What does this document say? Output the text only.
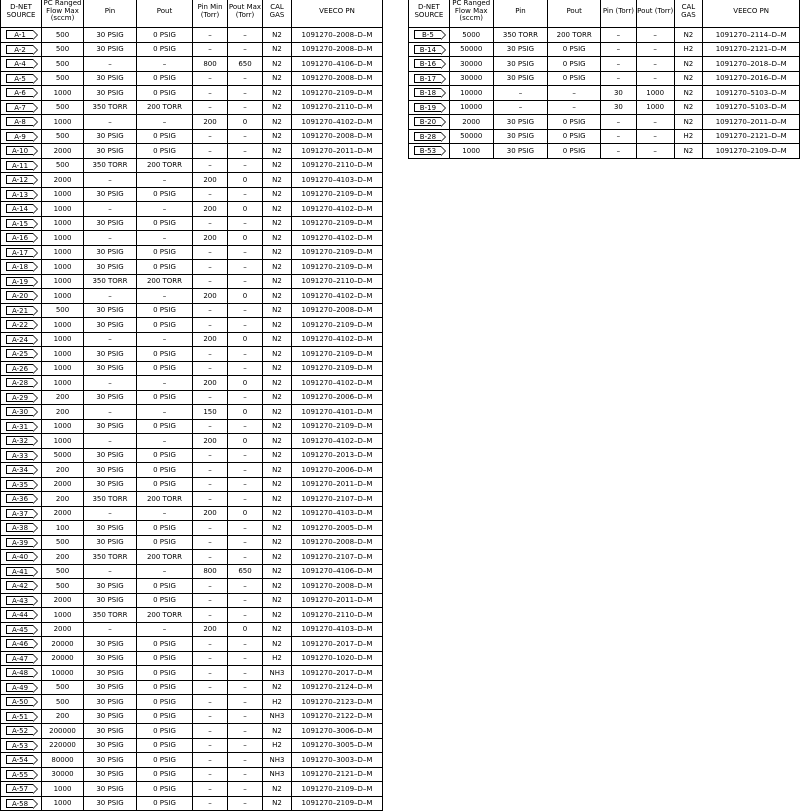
D-NET SOURCE	PC Ranged Flow Max (sccm)	Pin	Pout	Pin Min (Torr)	Pout Max (Torr)	CAL GAS	VEECO PN
A-1	500	30 PSIG	0 PSIG	–	–	N2	1091270–2008–D–M
A-2	500	30 PSIG	0 PSIG	–	–	N2	1091270–2008–D–M
A-4	500	–	–	800	650	N2	1091270–4106–D–M
A-5	500	30 PSIG	0 PSIG	–	–	N2	1091270–2008–D–M
A-6	1000	30 PSIG	0 PSIG	–	–	N2	1091270–2109–D–M
A-7	500	350 TORR	200 TORR	–	–	N2	1091270–2110–D–M
A-8	1000	–	–	200	0	N2	1091270–4102–D–M
A-9	500	30 PSIG	0 PSIG	–	–	N2	1091270–2008–D–M
A-10	2000	30 PSIG	0 PSIG	–	–	N2	1091270–2011–D–M
A-11	500	350 TORR	200 TORR	–	–	N2	1091270–2110–D–M
A-12	2000	–	–	200	0	N2	1091270–4103–D–M
A-13	1000	30 PSIG	0 PSIG	–	–	N2	1091270–2109–D–M
A-14	1000	–	–	200	0	N2	1091270–4102–D–M
A-15	1000	30 PSIG	0 PSIG	–	–	N2	1091270–2109–D–M
A-16	1000	–	–	200	0	N2	1091270–4102–D–M
A-17	1000	30 PSIG	0 PSIG	–	–	N2	1091270–2109–D–M
A-18	1000	30 PSIG	0 PSIG	–	–	N2	1091270–2109–D–M
A-19	1000	350 TORR	200 TORR	–	–	N2	1091270–2110–D–M
A-20	1000	–	–	200	0	N2	1091270–4102–D–M
A-21	500	30 PSIG	0 PSIG	–	–	N2	1091270–2008–D–M
A-22	1000	30 PSIG	0 PSIG	–	–	N2	1091270–2109–D–M
A-24	1000	–	–	200	0	N2	1091270–4102–D–M
A-25	1000	30 PSIG	0 PSIG	–	–	N2	1091270–2109–D–M
A-26	1000	30 PSIG	0 PSIG	–	–	N2	1091270–2109–D–M
A-28	1000	–	–	200	0	N2	1091270–4102–D–M
A-29	200	30 PSIG	0 PSIG	–	–	N2	1091270–2006–D–M
A-30	200	–	–	150	0	N2	1091270–4101–D–M
A-31	1000	30 PSIG	0 PSIG	–	–	N2	1091270–2109–D–M
A-32	1000	–	–	200	0	N2	1091270–4102–D–M
A-33	5000	30 PSIG	0 PSIG	–	–	N2	1091270–2013–D–M
A-34	200	30 PSIG	0 PSIG	–	–	N2	1091270–2006–D–M
A-35	2000	30 PSIG	0 PSIG	–	–	N2	1091270–2011–D–M
A-36	200	350 TORR	200 TORR	–	–	N2	1091270–2107–D–M
A-37	2000	–	–	200	0	N2	1091270–4103–D–M
A-38	100	30 PSIG	0 PSIG	–	–	N2	1091270–2005–D–M
A-39	500	30 PSIG	0 PSIG	–	–	N2	1091270–2008–D–M
A-40	200	350 TORR	200 TORR	–	–	N2	1091270–2107–D–M
A-41	500	–	–	800	650	N2	1091270–4106–D–M
A-42	500	30 PSIG	0 PSIG	–	–	N2	1091270–2008–D–M
A-43	2000	30 PSIG	0 PSIG	–	–	N2	1091270–2011–D–M
A-44	1000	350 TORR	200 TORR	–	–	N2	1091270–2110–D–M
A-45	2000	–	–	200	0	N2	1091270–4103–D–M
A-46	20000	30 PSIG	0 PSIG	–	–	N2	1091270–2017–D–M
A-47	20000	30 PSIG	0 PSIG	–	–	H2	1091270–1020–D–M
A-48	10000	30 PSIG	0 PSIG	–	–	NH3	1091270–2017–D–M
A-49	500	30 PSIG	0 PSIG	–	–	N2	1091270–2124–D–M
A-50	500	30 PSIG	0 PSIG	–	–	H2	1091270–2123–D–M
A-51	200	30 PSIG	0 PSIG	–	–	NH3	1091270–2122–D–M
A-52	200000	30 PSIG	0 PSIG	–	–	N2	1091270–3006–D–M
A-53	220000	30 PSIG	0 PSIG	–	–	H2	1091270–3005–D–M
A-54	80000	30 PSIG	0 PSIG	–	–	NH3	1091270–3003–D–M
A-55	30000	30 PSIG	0 PSIG	–	–	NH3	1091270–2121–D–M
A-57	1000	30 PSIG	0 PSIG	–	–	N2	1091270–2109–D–M
A-58	1000	30 PSIG	0 PSIG	–	–	N2	1091270–2109–D–M
D-NET SOURCE	PC Ranged Flow Max (sccm)	Pin	Pout	Pin (Torr)	Pout (Torr)	CAL GAS	VEECO PN
B-5	5000	350 TORR	200 TORR	–	–	N2	1091270–2114–D–M
B-14	50000	30 PSIG	0 PSIG	–	–	H2	1091270–2121–D–M
B-16	30000	30 PSIG	0 PSIG	–	–	N2	1091270–2018–D–M
B-17	30000	30 PSIG	0 PSIG	–	–	N2	1091270–2016–D–M
B-18	10000	–	–	30	1000	N2	1091270–5103–D–M
B-19	10000	–	–	30	1000	N2	1091270–5103–D–M
B-20	2000	30 PSIG	0 PSIG	–	–	N2	1091270–2011–D–M
B-28	50000	30 PSIG	0 PSIG	–	–	H2	1091270–2121–D–M
B-53	1000	30 PSIG	0 PSIG	–	–	N2	1091270–2109–D–M
